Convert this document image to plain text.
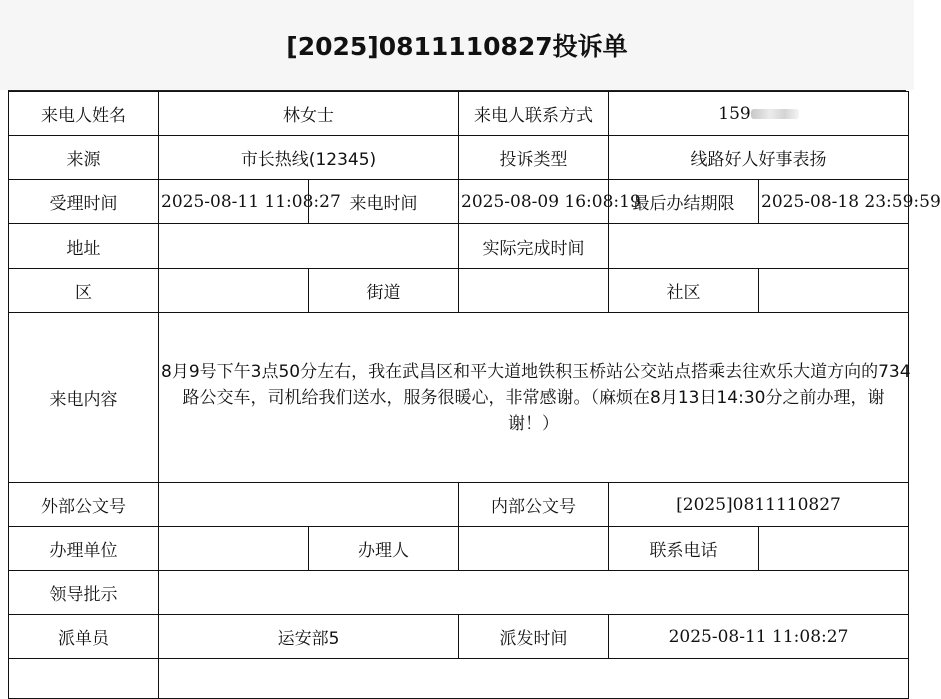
[2025]0811110827投诉单
来电人姓名	林女士		来电人联系方式	159	
来源	市长热线(12345)		投诉类型	线路好人好事表扬	
受理时间	2025-08-11 11:08:27	来电时间	2025-08-09 16:08:19	最后办结期限	2025-08-18 23:59:59
地址			实际完成时间		
区		街道		社区	
来电内容	8月9号下午3点50分左右，我在武昌区和平大道地铁积玉桥站公交站点搭乘去往欢乐大道方向的734
路公交车，司机给我们送水，服务很暖心，非常感谢。（麻烦在8月13日14:30分之前办理，谢
谢！）				

外部公文号			内部公文号	[2025]0811110827	
办理单位		办理人		联系电话	
领导批示					
派单员	运安部5		派发时间	2025-08-11 11:08:27	
